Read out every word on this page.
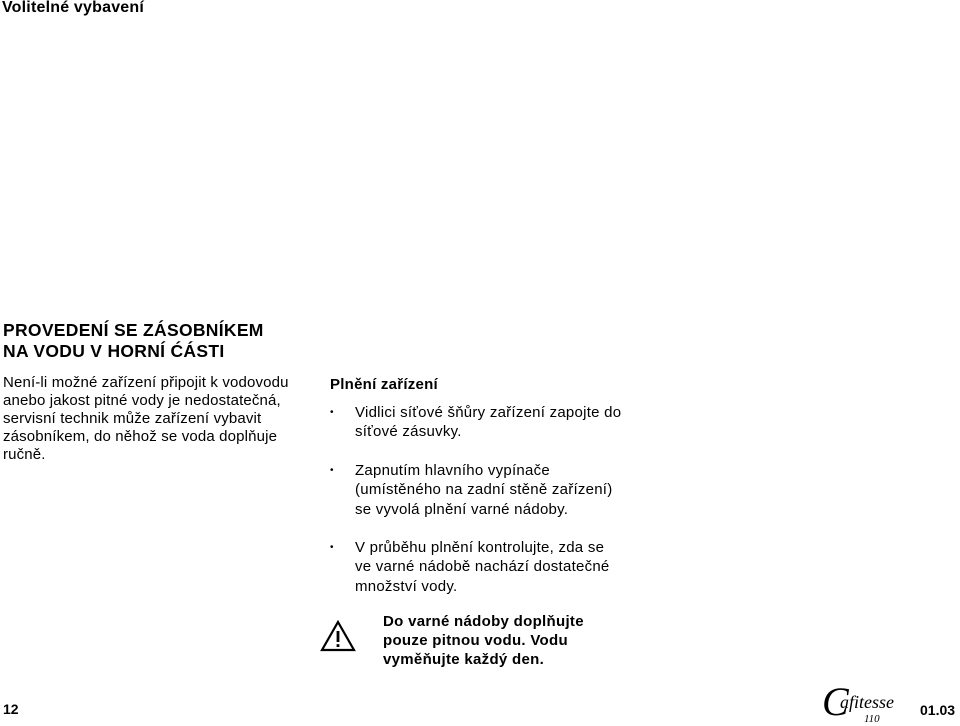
Volitelné vybavení
PROVEDENÍ SE ZÁSOBNÍKEM
NA VODU V HORNÍ ĆÁSTI
Není-li možné zařízení připojit k vodovodu
anebo jakost pitné vody je nedostatečná,
servisní technik může zařízení vybavit
zásobníkem, do něhož se voda doplňuje
ručně.
Plnění zařízení
• Vidlici síťové šňůry zařízení zapojte do
síťové zásuvky.
• Zapnutím hlavního vypínače
(umístěného na zadní stěně zařízení)
se vyvolá plnění varné nádoby.
• V průběhu plnění kontrolujte, zda se
ve varné nádobě nachází dostatečné
množství vody.
Do varné nádoby doplňujte
pouze pitnou vodu. Vodu
vyměňujte každý den.
12	C
afitesse
110
01.03
